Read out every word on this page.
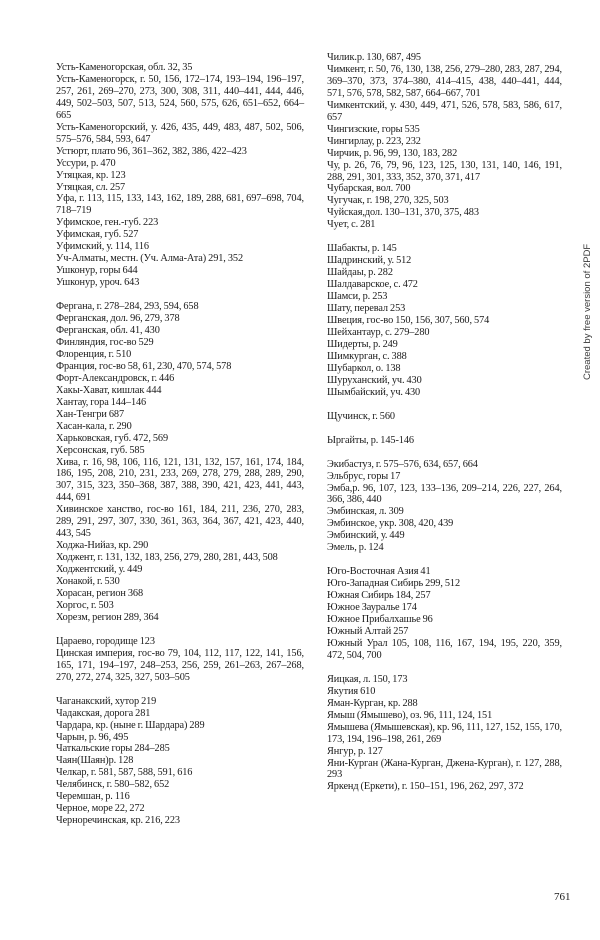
Усть-Каменогорская, обл. 32, 35
Усть-Каменогорск, г. 50, 156, 172–174, 193–194, 196–197, 257, 261, 269–270, 273, 300, 308, 311, 440–441, 444, 446, 449, 502–503, 507, 513, 524, 560, 575, 626, 651–652, 664–665
Усть-Каменогорский, у. 426, 435, 449, 483, 487, 502, 506, 575–576, 584, 593, 647
Устюрт, плато 96, 361–362, 382, 386, 422–423
Уссури, р. 470
Утяцкая, кр. 123
Утяцкая, сл. 257
Уфа, г. 113, 115, 133, 143, 162, 189, 288, 681, 697–698, 704, 718–719
Уфимское, ген.-губ. 223
Уфимская, губ. 527
Уфимский, у. 114, 116
Уч-Алматы, местн. (Уч. Алма-Ата) 291, 352
Ушконур, горы 644
Ушконур, уроч. 643
Фергана, г. 278–284, 293, 594, 658
Ферганская, дол. 96, 279, 378
Ферганская, обл. 41, 430
Финляндия, гос-во 529
Флоренция, г. 510
Франция, гос-во 58, 61, 230, 470, 574, 578
Форт-Александровск, г. 446
Хакы-Хават, кишлак 444
Хантау, гора 144–146
Хан-Тенгри 687
Хасан-кала, г. 290
Харьковская, губ. 472, 569
Херсонская, губ. 585
Хива, г. 16, 98, 106, 116, 121, 131, 132, 157, 161, 174, 184, 186, 195, 208, 210, 231, 233, 269, 278, 279, 288, 289, 290, 307, 315, 323, 350–368, 387, 388, 390, 421, 423, 441, 443, 444, 691
Хивинское ханство, гос-во 161, 184, 211, 236, 270, 283, 289, 291, 297, 307, 330, 361, 363, 364, 367, 421, 423, 440, 443, 545
Ходжа-Нийаз, кр. 290
Ходжент, г. 131, 132, 183, 256, 279, 280, 281, 443, 508
Ходжентский, у. 449
Хонакой, г. 530
Хорасан, регион 368
Хоргос, г. 503
Хорезм, регион 289, 364
Цараево, городище 123
Цинская империя, гос-во 79, 104, 112, 117, 122, 141, 156, 165, 171, 194–197, 248–253, 256, 259, 261–263, 267–268, 270, 272, 274, 325, 327, 503–505
Чаганакский, хутор 219
Чадакская, дорога 281
Чардара, кр. (ныне г. Шардара) 289
Чарын, р. 96, 495
Чаткальские горы 284–285
Чаян(Шаян)р. 128
Челкар, г. 581, 587, 588, 591, 616
Челябинск, г. 580–582, 652
Черемшан, р. 116
Черное, море 22, 272
Черноречинская, кр. 216, 223
Чилик.р. 130, 687, 495
Чимкент, г. 50, 76, 130, 138, 256, 279–280, 283, 287, 294, 369–370, 373, 374–380, 414–415, 438, 440–441, 444, 571, 576, 578, 582, 587, 664–667, 701
Чимкентский, у. 430, 449, 471, 526, 578, 583, 586, 617, 657
Чингизские, горы 535
Чингирлау, р. 223, 232
Чирчик, р. 96, 99, 130, 183, 282
Чу, р. 26, 76, 79, 96, 123, 125, 130, 131, 140, 146, 191, 288, 291, 301, 333, 352, 370, 371, 417
Чубарская, вол. 700
Чугучак, г. 198, 270, 325, 503
Чуйская,дол. 130–131, 370, 375, 483
Чует, с. 281
Шабакты, р. 145
Шадринский, у. 512
Шайдаы, р. 282
Шалдаварское, с. 472
Шамси, р. 253
Шату, перевал 253
Швеция, гос-во 150, 156, 307, 560, 574
Шейхантаур, с. 279–280
Шидерты, р. 249
Шимкурган, с. 388
Шубаркол, о. 138
Шуруханский, уч. 430
Шымбайский, уч. 430
Щучинск, г. 560
Ыргайты, р. 145-146
Экибастуз, г. 575–576, 634, 657, 664
Эльбрус, горы 17
Эмба,р. 96, 107, 123, 133–136, 209–214, 226, 227, 264, 366, 386, 440
Эмбинская, л. 309
Эмбинское, укр. 308, 420, 439
Эмбинский, у. 449
Эмель, р. 124
Юго-Восточная Азия 41
Юго-Западная Сибирь 299, 512
Южная Сибирь 184, 257
Южное Зауралье 174
Южное Прибалхашье 96
Южный Алтай 257
Южный Урал 105, 108, 116, 167, 194, 195, 220, 359, 472, 504, 700
Яицкая, л. 150, 173
Якутия 610
Яман-Курган, кр. 288
Ямыш (Ямышево), оз. 96, 111, 124, 151
Ямышева (Ямышевская), кр. 96, 111, 127, 152, 155, 170, 173, 194, 196–198, 261, 269
Янгур, р. 127
Яни-Курган (Жана-Курган, Джена-Курган), г. 127, 288, 293
Яркенд (Еркети), г. 150–151, 196, 262, 297, 372
761
Created by free version of 2PDF
